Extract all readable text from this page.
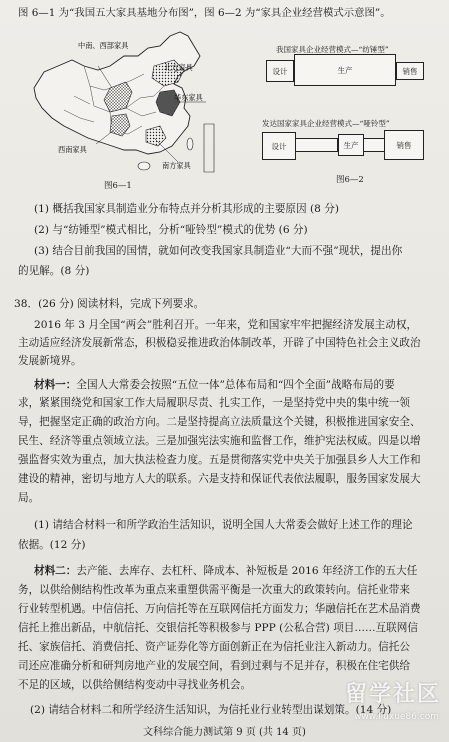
图 6—1 为“我国五大家具基地分布图”，图 6—2 为“家具企业经营模式示意图”。
中南、西部家具
北方家具
华东家具
西南家具
南方家具
图6—1
我国家具企业经营模式—“纺锤型”
设计	生产	销售
发达国家家具企业经营模式—“哑铃型”
设计	生产	销售
图6—2
(1) 概括我国家具制造业分布特点并分析其形成的主要原因 (8 分)
(2) 与“纺锤型”模式相比，分析“哑铃型”模式的优势 (6 分)
(3) 结合目前我国的国情，就如何改变我国家具制造业“大而不强”现状，提出你
的见解。(8 分)
38．(26 分) 阅读材料，完成下列要求。
2016 年 3 月全国“两会”胜利召开。一年来，党和国家牢牢把握经济发展主动权，
主动适应经济发展新常态，积极稳妥推进政治体制改革，开辟了中国特色社会主义政治
发展新境界。
材料一：全国人大常委会按照“五位一体”总体布局和“四个全面”战略布局的要
求，紧紧围绕党和国家工作大局履职尽责、扎实工作，一是坚持党中央的集中统一领
导，把握坚定正确的政治方向。二是坚持提高立法质量这个关键，积极推进国家安全、
民生、经济等重点领域立法。三是加强宪法实施和监督工作，维护宪法权威。四是以增
强监督实效为重点，加大执法检查力度。五是贯彻落实党中央关于加强县乡人大工作和
建设的精神，密切与地方人大的联系。六是支持和保证代表依法履职，服务国家发展大
局。
(1) 请结合材料一和所学政治生活知识，说明全国人大常委会做好上述工作的理论
依据。(12 分)
材料二：去产能、去库存、去杠杆、降成本、补短板是 2016 年经济工作的五大任
务，以供给侧结构性改革为重点来重塑供需平衡是一次重大的政策转向。信托业带来
行业转型机遇。中信信托、万向信托等在互联网信托方面发力；华融信托在艺术品消费
信托上推出新品，中航信托、交银信托等积极参与 PPP (公私合营) 项目……互联网信
托、家族信托、消费信托、资产证券化等方面创新正在为信托业注入新动力。信托公
司还应准确分析和研判房地产业的发展空间，看到过剩与不足并存，积极在住宅供给
不足的区域，以供给侧结构变动中寻找业务机会。
(2) 请结合材料二和所学经济生活知识，为信托业行业转型出谋划策。(14 分)
文科综合能力测试第 9 页 (共 14 页)
留学社区
www.liuxue86.com
